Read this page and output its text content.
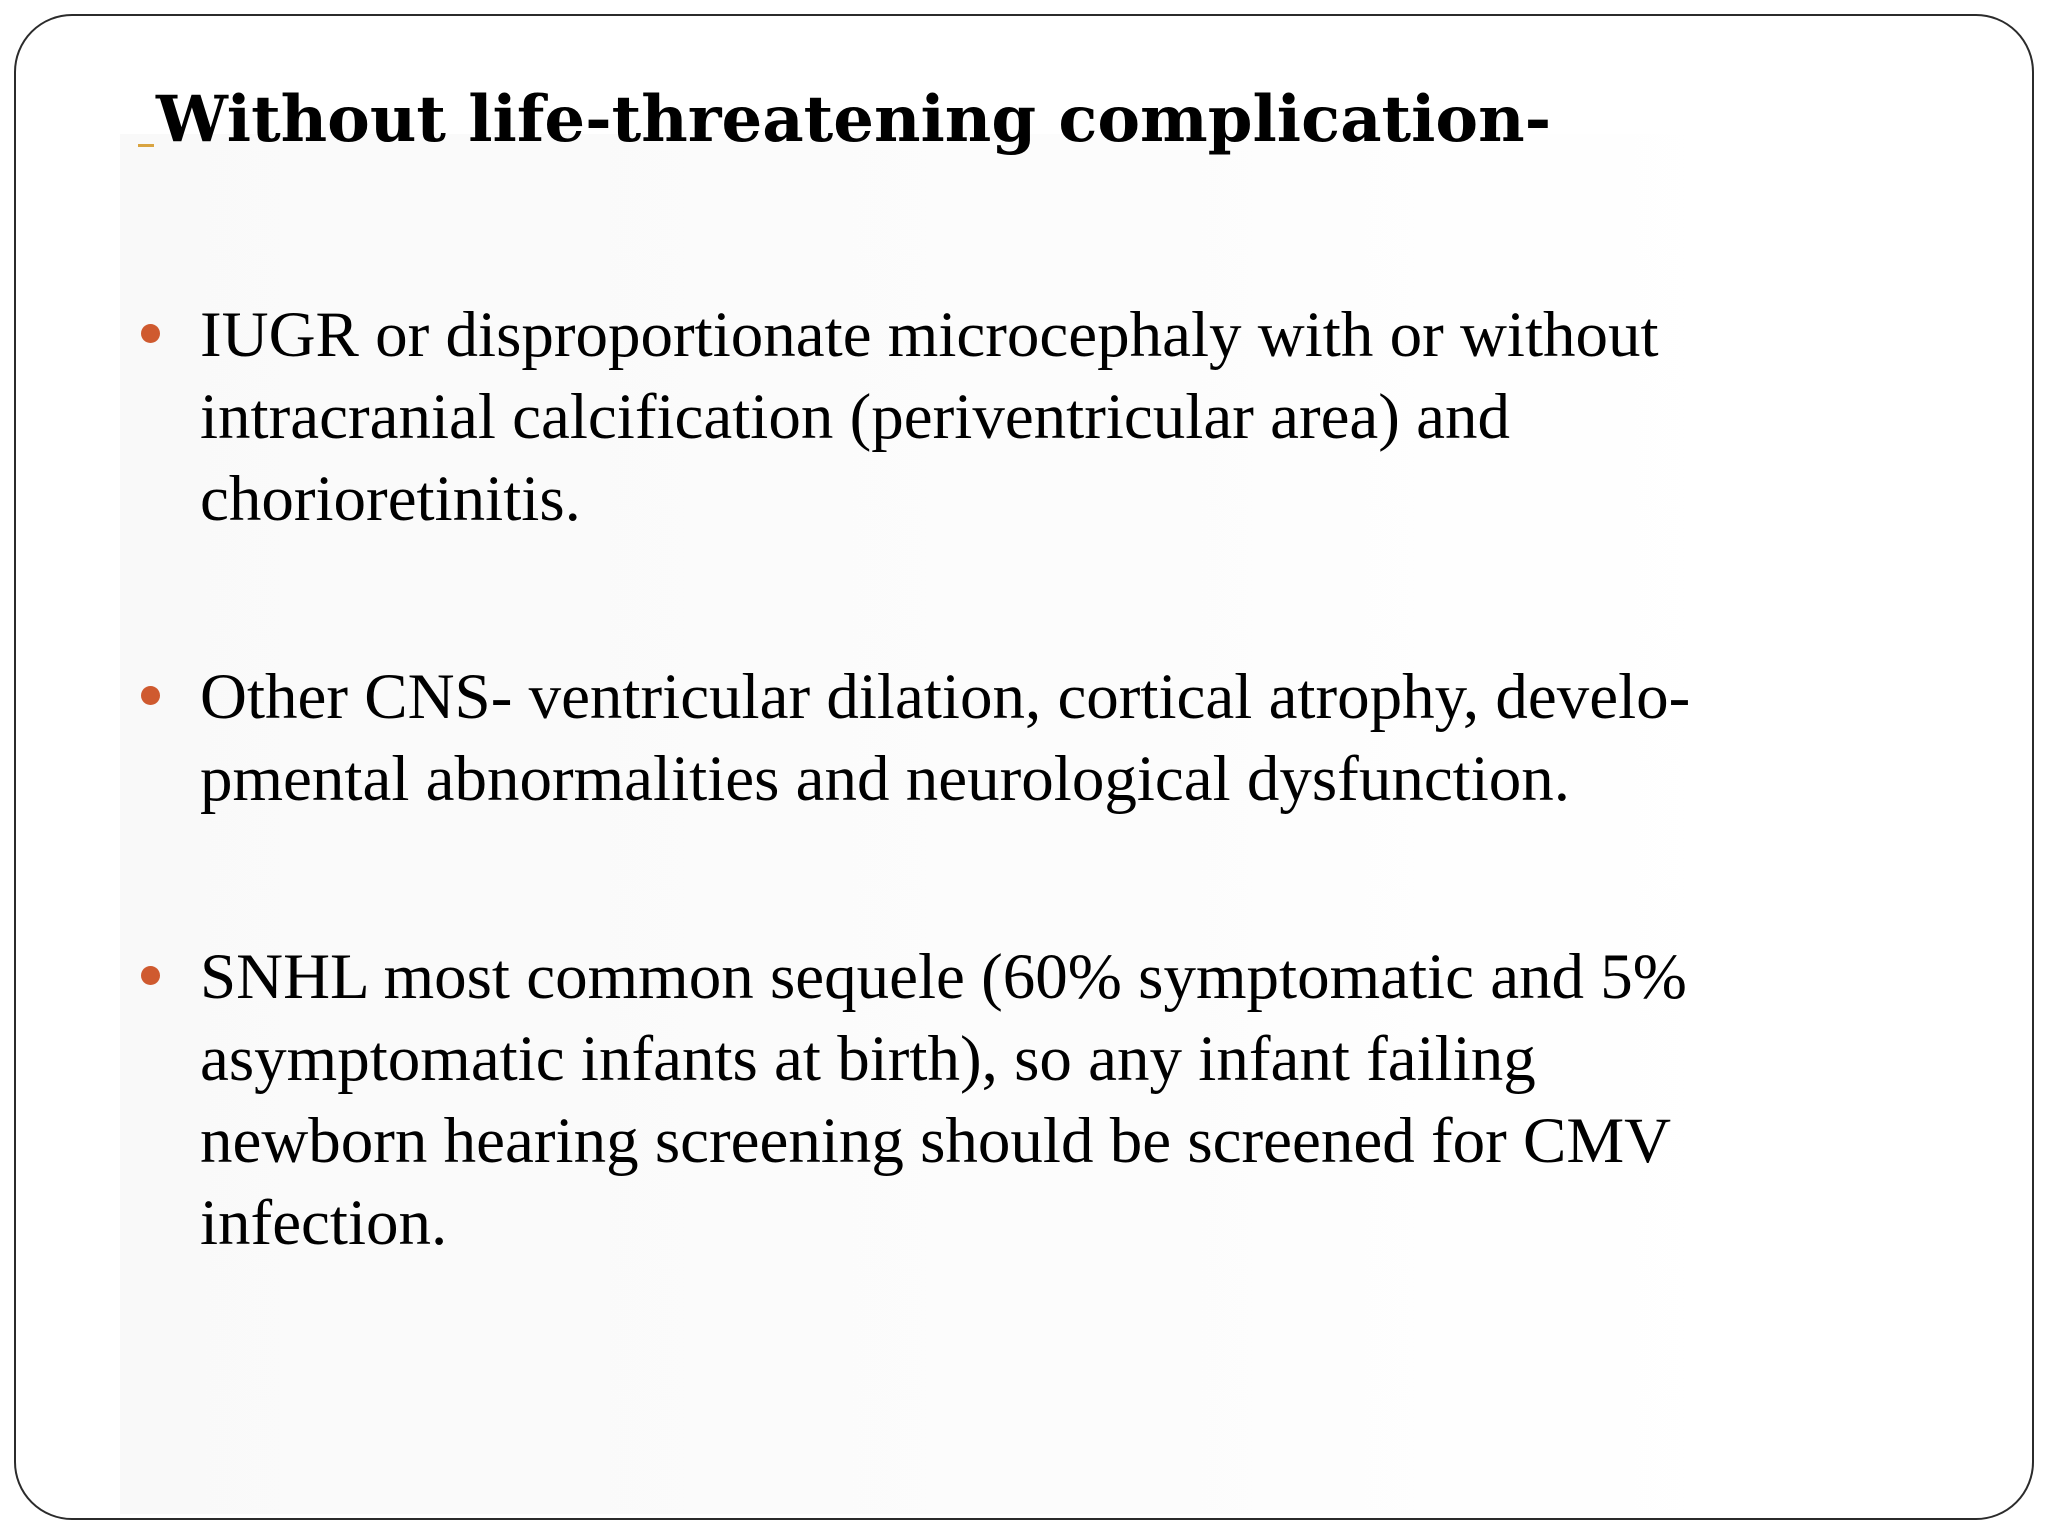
Without life-threatening complication-
IUGR or disproportionate microcephaly with or without
intracranial calcification (periventricular area) and
chorioretinitis.
Other CNS- ventricular dilation, cortical atrophy, develo-
pmental abnormalities and neurological dysfunction.
SNHL most common sequele (60% symptomatic and 5%
asymptomatic infants at birth), so any infant failing
newborn hearing screening should be screened for CMV
infection.
